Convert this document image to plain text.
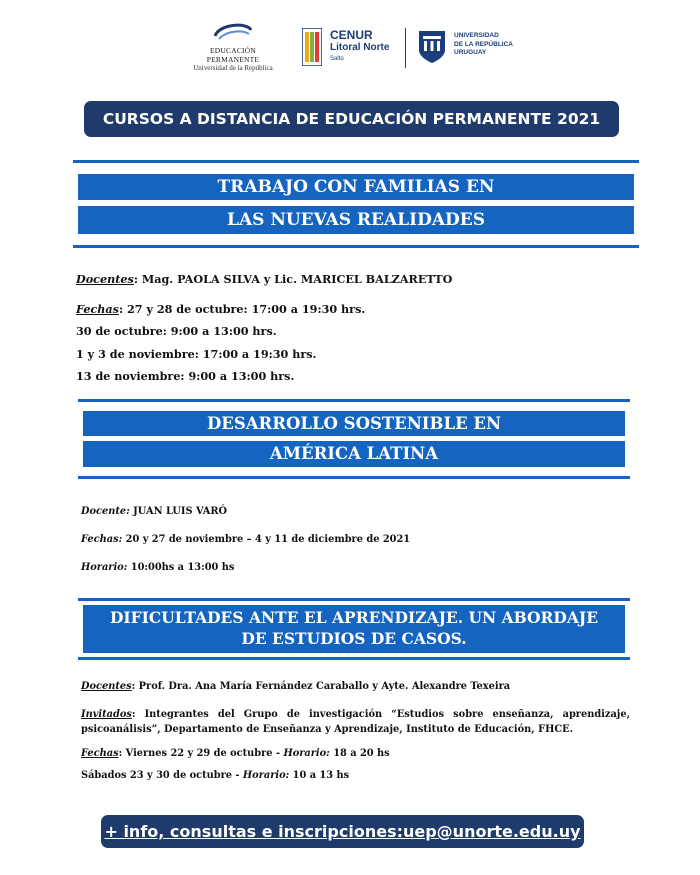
EDUCACIÓN PERMANENTE
Universidad de la República
CENUR
Litoral Norte
Salto
UNIVERSIDAD
DE LA REPÚBLICA
URUGUAY
CURSOS A DISTANCIA DE EDUCACIÓN PERMANENTE 2021
TRABAJO CON FAMILIAS EN
LAS NUEVAS REALIDADES
Docentes: Mag. PAOLA SILVA y Lic. MARICEL BALZARETTO
Fechas: 27 y 28 de octubre: 17:00 a 19:30 hrs.
30 de octubre: 9:00 a 13:00 hrs.
1 y 3 de noviembre: 17:00 a 19:30 hrs.
13 de noviembre: 9:00 a 13:00 hrs.
DESARROLLO SOSTENIBLE EN
AMÉRICA LATINA
Docente: JUAN LUIS VARÓ
Fechas: 20 y 27 de noviembre – 4 y 11 de diciembre de 2021
Horario: 10:00hs a 13:00 hs
DIFICULTADES ANTE EL APRENDIZAJE. UN ABORDAJE
DE ESTUDIOS DE CASOS.
Docentes: Prof. Dra. Ana María Fernández Caraballo y Ayte. Alexandre Texeira
Invitados: Integrantes del Grupo de investigación “Estudios sobre enseñanza, aprendizaje, psicoanálisis”, Departamento de Enseñanza y Aprendizaje, Instituto de Educación, FHCE.
Fechas: Viernes 22 y 29 de octubre - Horario: 18 a 20 hs
Sábados 23 y 30 de octubre - Horario: 10 a 13 hs
+ info, consultas e inscripciones:uep@unorte.edu.uy
